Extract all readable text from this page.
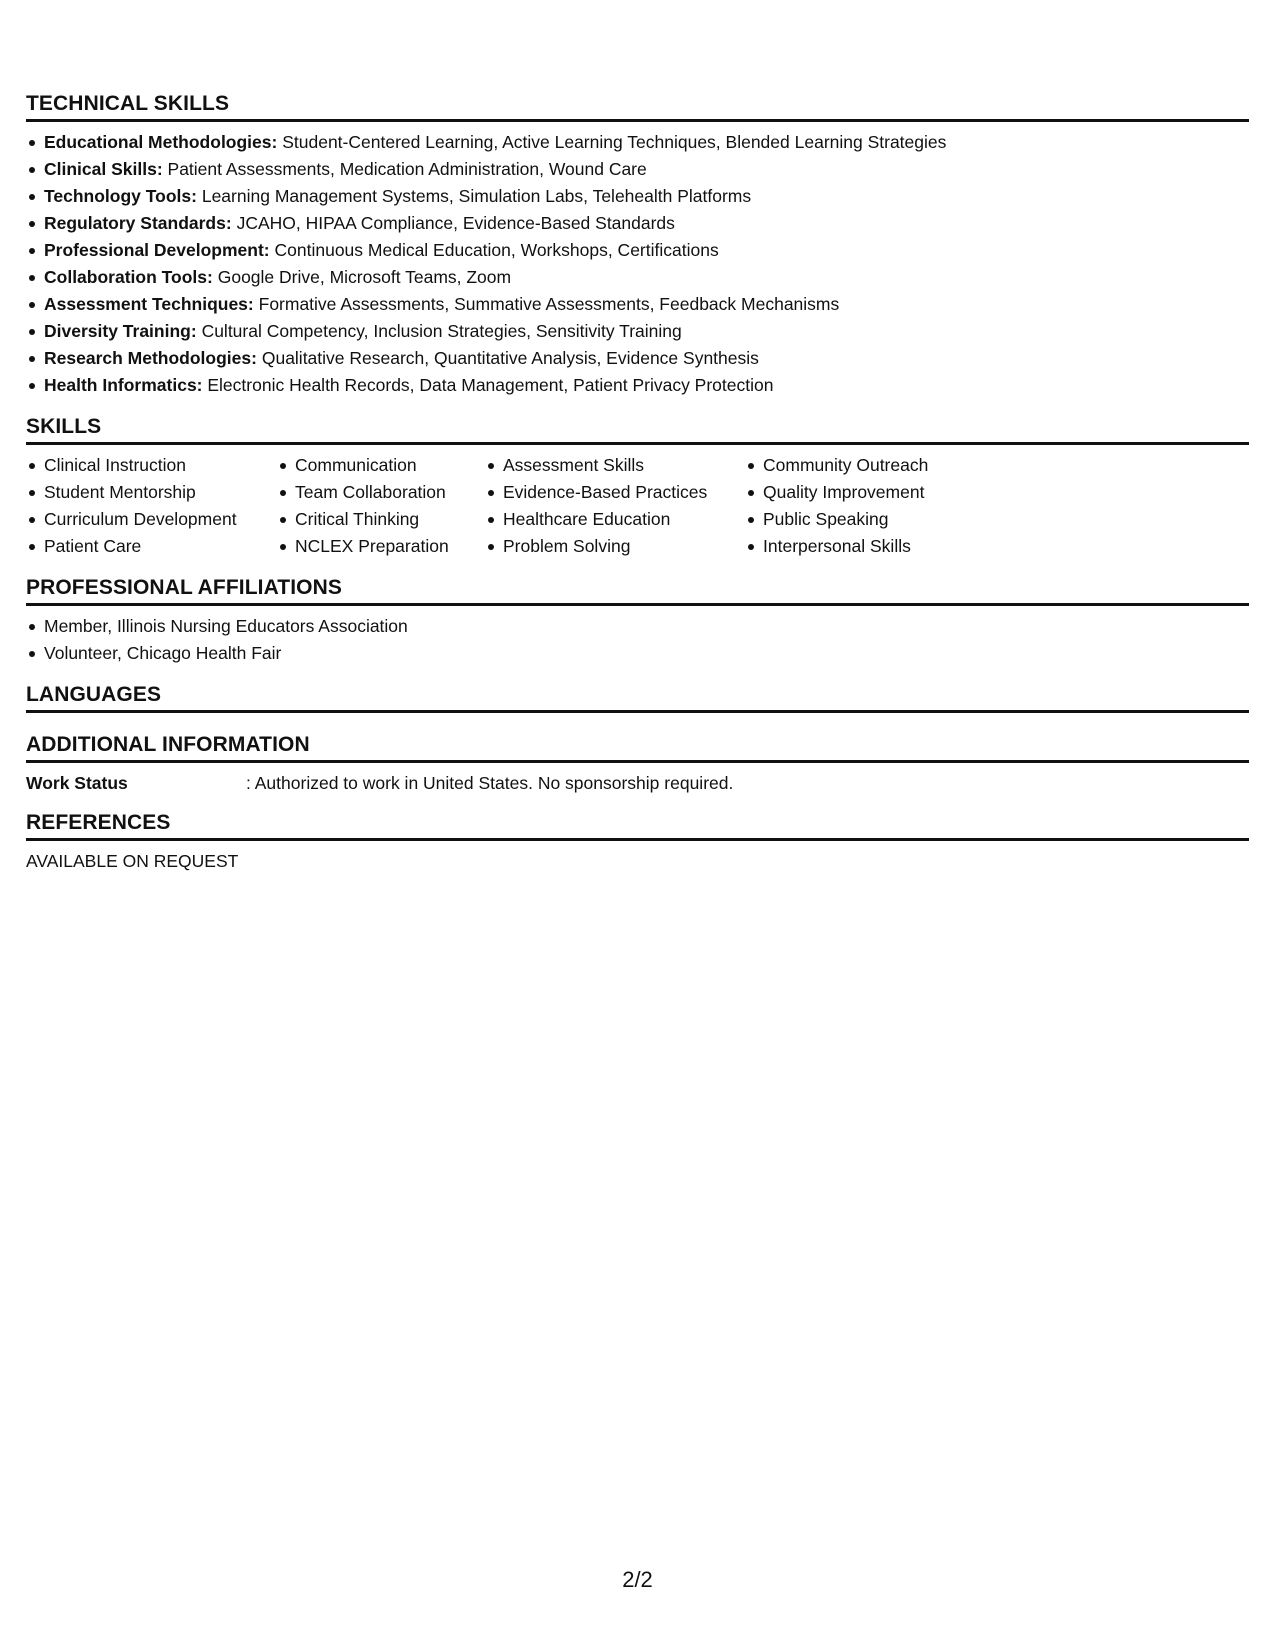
TECHNICAL SKILLS
Educational Methodologies: Student-Centered Learning, Active Learning Techniques, Blended Learning Strategies
Clinical Skills: Patient Assessments, Medication Administration, Wound Care
Technology Tools: Learning Management Systems, Simulation Labs, Telehealth Platforms
Regulatory Standards: JCAHO, HIPAA Compliance, Evidence-Based Standards
Professional Development: Continuous Medical Education, Workshops, Certifications
Collaboration Tools: Google Drive, Microsoft Teams, Zoom
Assessment Techniques: Formative Assessments, Summative Assessments, Feedback Mechanisms
Diversity Training: Cultural Competency, Inclusion Strategies, Sensitivity Training
Research Methodologies: Qualitative Research, Quantitative Analysis, Evidence Synthesis
Health Informatics: Electronic Health Records, Data Management, Patient Privacy Protection
SKILLS
Clinical Instruction
Student Mentorship
Curriculum Development
Patient Care
Communication
Team Collaboration
Critical Thinking
NCLEX Preparation
Assessment Skills
Evidence-Based Practices
Healthcare Education
Problem Solving
Community Outreach
Quality Improvement
Public Speaking
Interpersonal Skills
PROFESSIONAL AFFILIATIONS
Member, Illinois Nursing Educators Association
Volunteer, Chicago Health Fair
LANGUAGES
ADDITIONAL INFORMATION
Work Status	: Authorized to work in United States. No sponsorship required.
REFERENCES
AVAILABLE ON REQUEST
2/2
